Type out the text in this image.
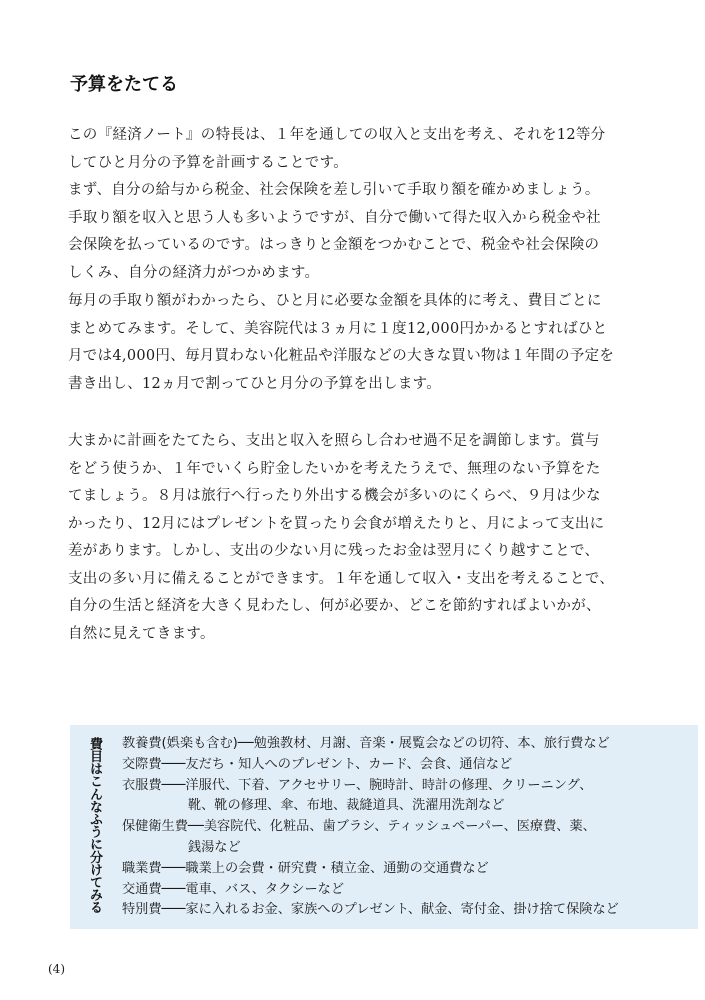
予算をたてる
この『経済ノート』の特長は、１年を通しての収入と支出を考え、それを12等分
してひと月分の予算を計画することです。
まず、自分の給与から税金、社会保険を差し引いて手取り額を確かめましょう。
手取り額を収入と思う人も多いようですが、自分で働いて得た収入から税金や社
会保険を払っているのです。はっきりと金額をつかむことで、税金や社会保険の
しくみ、自分の経済力がつかめます。
毎月の手取り額がわかったら、ひと月に必要な金額を具体的に考え、費目ごとに
まとめてみます。そして、美容院代は３ヵ月に１度12,000円かかるとすればひと
月では4,000円、毎月買わない化粧品や洋服などの大きな買い物は１年間の予定を
書き出し、12ヵ月で割ってひと月分の予算を出します。
大まかに計画をたてたら、支出と収入を照らし合わせ過不足を調節します。賞与
をどう使うか、１年でいくら貯金したいかを考えたうえで、無理のない予算をた
てましょう。８月は旅行へ行ったり外出する機会が多いのにくらべ、９月は少な
かったり、12月にはプレゼントを買ったり会食が増えたりと、月によって支出に
差があります。しかし、支出の少ない月に残ったお金は翌月にくり越すことで、
支出の多い月に備えることができます。１年を通して収入・支出を考えることで、
自分の生活と経済を大きく見わたし、何が必要か、どこを節約すればよいかが、
自然に見えてきます。
費目はこんなふうに分けてみる 教養費(娯楽も含む)──勉強教材、月謝、音楽・展覧会などの切符、本、旅行費など
交際費───友だち・知人へのプレゼント、カード、会食、通信など
衣服費───洋服代、下着、アクセサリー、腕時計、時計の修理、クリーニング、
　　　　　靴、靴の修理、傘、布地、裁縫道具、洗濯用洗剤など
保健衛生費──美容院代、化粧品、歯ブラシ、ティッシュペーパー、医療費、薬、
　　　　　銭湯など
職業費───職業上の会費・研究費・積立金、通勤の交通費など
交通費───電車、バス、タクシーなど
特別費───家に入れるお金、家族へのプレゼント、献金、寄付金、掛け捨て保険など
(4)
